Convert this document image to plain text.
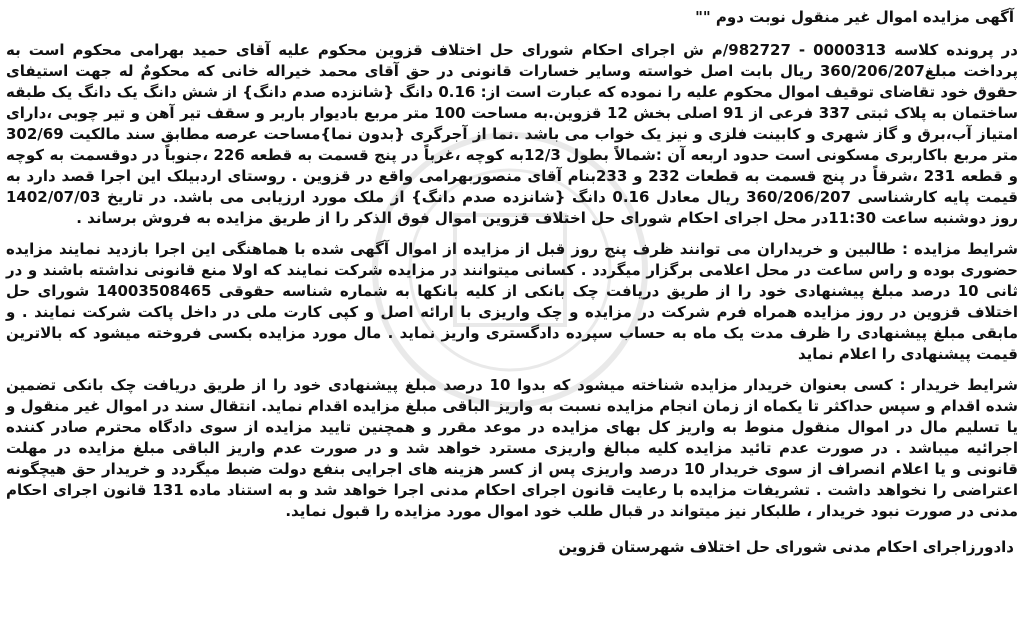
آگهی مزایده اموال غیر منقول نوبت دوم ""

در پرونده کلاسه 0000313 - 982727/م ش اجرای احکام شورای حل اختلاف قزوین محکوم علیه آقای حمید بهرامی محکوم است به پرداخت مبلغ360/206/207 ریال بابت اصل خواسته وسایر خسارات قانونی در حق آقای محمد خیراله خانی که محکومٌ له جهت استیفای حقوق خود تقاضای توقیف اموال محکوم علیه را نموده که عبارت است از: 0.16 دانگ {شانزده صدم دانگ} از شش دانگ یک دانگ یک طبقه ساختمان به پلاک ثبتی 337 فرعی از 91 اصلی بخش 12 قزوین.به مساحت 100 متر مربع بادیوار باربر و سقف تیر آهن و تیر چوبی ،دارای امتیاز آب،برق و گاز شهری و کابینت فلزی و نیز یک خواب می باشد .نما از آجرگری {بدون نما}مساحت عرصه مطابق سند مالکیت 302/69 متر مربع باکاربری مسکونی است حدود اربعه آن :شمالاً بطول 12/3به کوچه ،غرباً در پنج قسمت به قطعه 226 ،جنوباً در دوقسمت به کوچه و قطعه 231 ،شرقاً در پنج قسمت به قطعات 232 و 233بنام آقای منصوربهرامی واقع در قزوین . روستای اردبیلک این اجرا قصد دارد به قیمت پایه کارشناسی 360/206/207 ریال معادل 0.16 دانگ {شانزده صدم دانگ} از ملک مورد ارزیابی می باشد. در تاریخ 1402/07/03 روز دوشنبه ساعت 11:30در محل اجرای احکام شورای حل اختلاف قزوین اموال فوق الذکر را از طریق مزایده به فروش برساند .

شرایط مزایده : طالبین و خریداران می توانند ظرف پنج روز قبل از مزایده از اموال آگهی شده با هماهنگی این اجرا بازدید نمایند مزایده حضوری بوده و راس ساعت در محل اعلامی برگزار میگردد . کسانی میتوانند در مزایده شرکت نمایند که اولا منع قانونی نداشته باشند و در ثانی 10 درصد مبلغ پیشنهادی خود را از طریق دریافت چک بانکی از کلیه بانکها به شماره شناسه حقوقی 14003508465 شورای حل اختلاف قزوین در روز مزایده همراه فرم شرکت در مزایده و چک واریزی با ارائه اصل و کپی کارت ملی در داخل پاکت شرکت نمایند . و مابقی مبلغ پیشنهادی را ظرف مدت یک ماه به حساب سپرده دادگستری واریز نماید . مال مورد مزایده بکسی فروخته میشود که بالاترین قیمت پیشنهادی را اعلام نماید

شرایط خریدار : کسی بعنوان خریدار مزایده شناخته میشود که بدوا 10 درصد مبلغ پیشنهادی خود را از طریق دریافت چک بانکی تضمین شده اقدام و سپس حداکثر تا یکماه از زمان انجام مزایده نسبت به واریز الباقی مبلغ مزایده اقدام نماید. انتقال سند در اموال غیر منقول و یا تسلیم مال در اموال منقول منوط به واریز کل بهای مزایده در موعد مقرر و همچنین تایید مزایده از سوی دادگاه محترم صادر کننده اجرائیه میباشد . در صورت عدم تائید مزایده کلیه مبالغ واریزی مسترد خواهد شد و در صورت عدم واریز الباقی مبلغ مزایده در مهلت قانونی و یا اعلام انصراف از سوی خریدار 10 درصد واریزی پس از کسر هزینه های اجرایی بنفع دولت ضبط میگردد و خریدار حق هیچگونه اعتراضی را نخواهد داشت . تشریفات مزایده با رعایت قانون اجرای احکام مدنی اجرا خواهد شد و به استناد ماده 131 قانون اجرای احکام مدنی در صورت نبود خریدار ، طلبکار نیز میتواند در قبال طلب خود اموال مورد مزایده را قبول نماید.

دادورزاجرای احکام مدنی شورای حل اختلاف شهرستان قزوین
